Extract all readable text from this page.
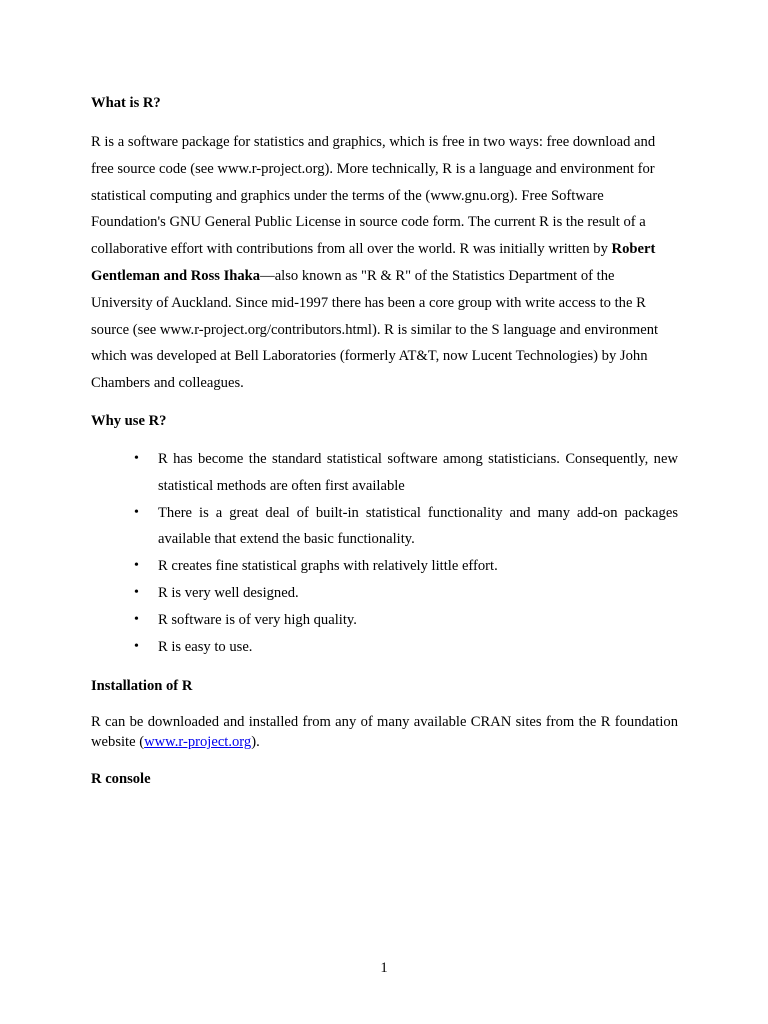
What is R?

R is a software package for statistics and graphics, which is free in two ways: free download and free source code (see www.r-project.org). More technically, R is a language and environment for statistical computing and graphics under the terms of the (www.gnu.org). Free Software Foundation's GNU General Public License in source code form. The current R is the result of a collaborative effort with contributions from all over the world. R was initially written by Robert Gentleman and Ross Ihaka—also known as "R & R" of the Statistics Department of the University of Auckland. Since mid-1997 there has been a core group with write access to the R source (see www.r-project.org/contributors.html). R is similar to the S language and environment which was developed at Bell Laboratories (formerly AT&T, now Lucent Technologies) by John Chambers and colleagues.

Why use R?
• R has become the standard statistical software among statisticians. Consequently, new statistical methods are often first available
• There is a great deal of built-in statistical functionality and many add-on packages available that extend the basic functionality.
• R creates fine statistical graphs with relatively little effort.
• R is very well designed.
• R software is of very high quality.
• R is easy to use.
Installation of R

R can be downloaded and installed from any of many available CRAN sites from the R foundation website (www.r-project.org).

R console
1
